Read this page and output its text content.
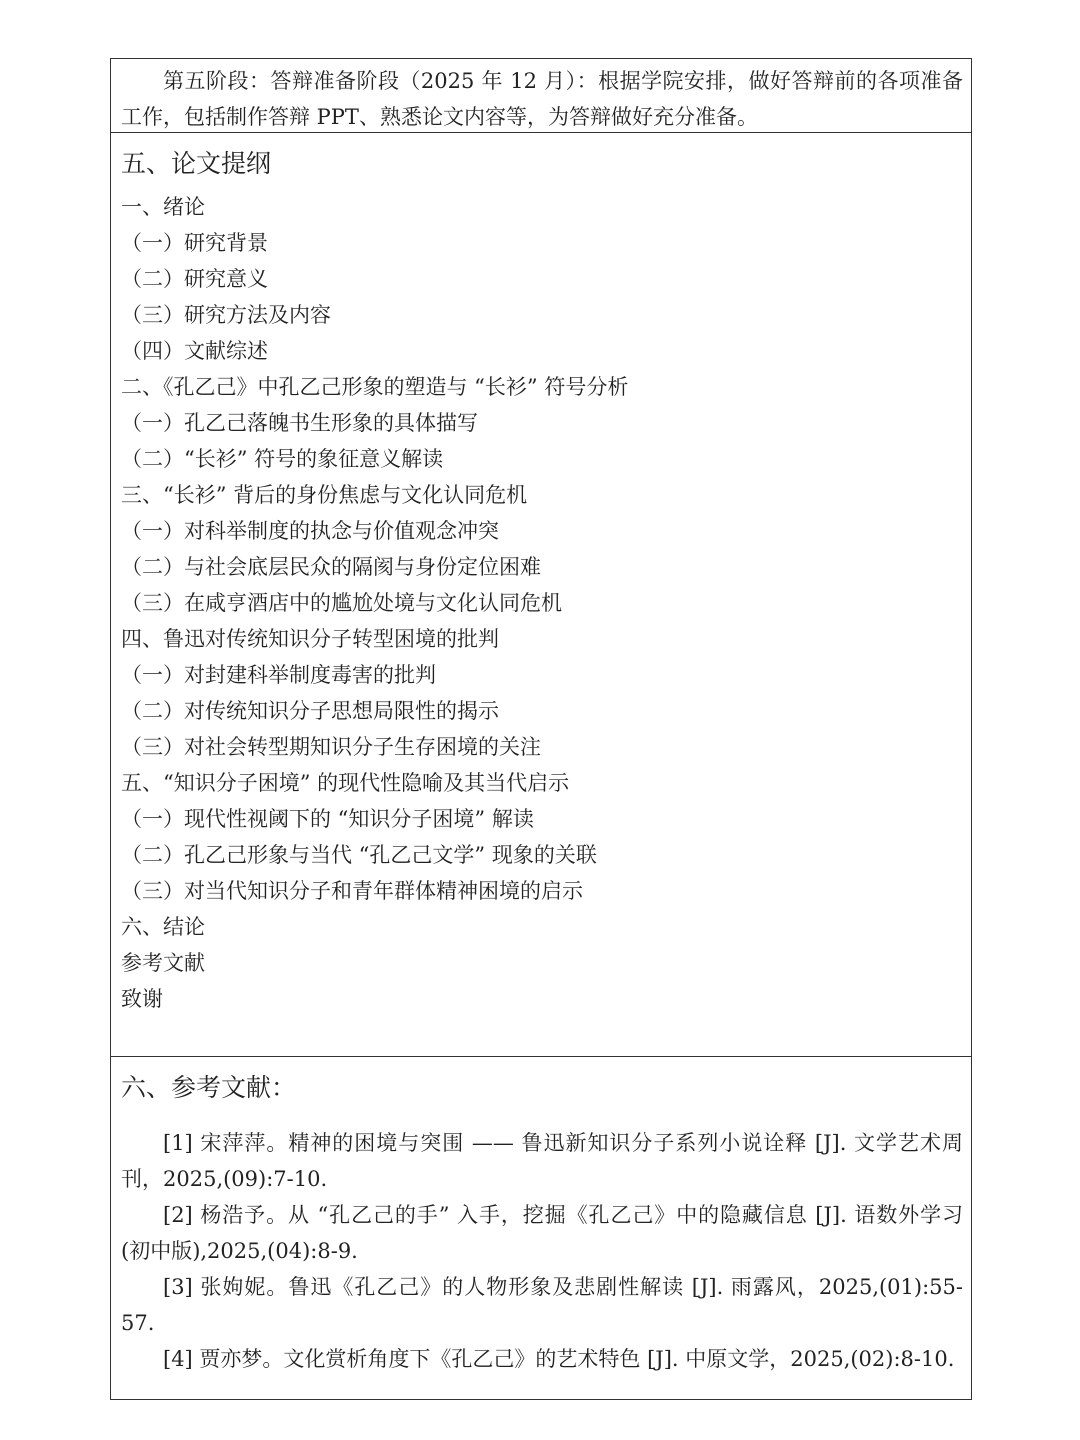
第五阶段：答辩准备阶段（2025 年 12 月）：根据学院安排，做好答辩前的各项准备工作，包括制作答辩 PPT、熟悉论文内容等，为答辩做好充分准备。

五、论文提纲
一、绪论
（一）研究背景
（二）研究意义
（三）研究方法及内容
（四）文献综述
二、《孔乙己》中孔乙己形象的塑造与 “长衫” 符号分析
（一）孔乙己落魄书生形象的具体描写
（二）“长衫” 符号的象征意义解读
三、“长衫” 背后的身份焦虑与文化认同危机
（一）对科举制度的执念与价值观念冲突
（二）与社会底层民众的隔阂与身份定位困难
（三）在咸亨酒店中的尴尬处境与文化认同危机
四、鲁迅对传统知识分子转型困境的批判
（一）对封建科举制度毒害的批判
（二）对传统知识分子思想局限性的揭示
（三）对社会转型期知识分子生存困境的关注
五、“知识分子困境” 的现代性隐喻及其当代启示
（一）现代性视阈下的 “知识分子困境” 解读
（二）孔乙己形象与当代 “孔乙己文学” 现象的关联
（三）对当代知识分子和青年群体精神困境的启示
六、结论
参考文献
致谢
六、参考文献：

[1] 宋萍萍。精神的困境与突围 —— 鲁迅新知识分子系列小说诠释 [J]. 文学艺术周刊，2025,(09):7-10.

[2] 杨浩予。从 “孔乙己的手” 入手，挖掘《孔乙己》中的隐藏信息 [J]. 语数外学习 (初中版),2025,(04):8-9.

[3] 张姁妮。鲁迅《孔乙己》的人物形象及悲剧性解读 [J]. 雨露风，2025,(01):55-57.

[4] 贾亦梦。文化赏析角度下《孔乙己》的艺术特色 [J]. 中原文学，2025,(02):8-10.
